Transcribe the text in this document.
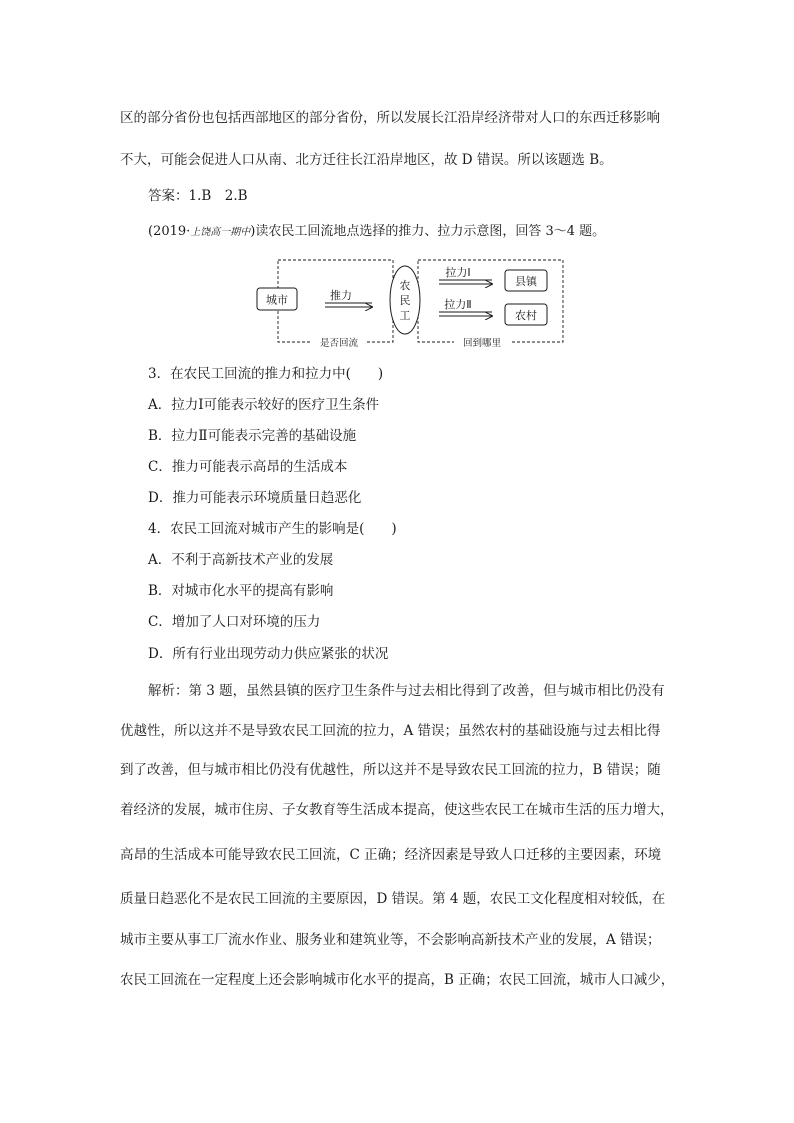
区的部分省份也包括西部地区的部分省份，所以发展长江沿岸经济带对人口的东西迁移影响
不大，可能会促进人口从南、北方迁往长江沿岸地区，故 D 错误。所以该题选 B。
答案：1.B　2.B
(2019·上饶高一期中)读农民工回流地点选择的推力、拉力示意图，回答 3～4 题。
城市	推力
农
民
工
拉力Ⅰ
拉力Ⅱ
县镇
农村
是否回流	回到哪里
3．在农民工回流的推力和拉力中(　　)
A．拉力Ⅰ可能表示较好的医疗卫生条件
B．拉力Ⅱ可能表示完善的基础设施
C．推力可能表示高昂的生活成本
D．推力可能表示环境质量日趋恶化
4．农民工回流对城市产生的影响是(　　)
A．不利于高新技术产业的发展
B．对城市化水平的提高有影响
C．增加了人口对环境的压力
D．所有行业出现劳动力供应紧张的状况
解析：第 3 题，虽然县镇的医疗卫生条件与过去相比得到了改善，但与城市相比仍没有
优越性，所以这并不是导致农民工回流的拉力，A 错误；虽然农村的基础设施与过去相比得
到了改善，但与城市相比仍没有优越性，所以这并不是导致农民工回流的拉力，B 错误；随
着经济的发展，城市住房、子女教育等生活成本提高，使这些农民工在城市生活的压力增大，
高昂的生活成本可能导致农民工回流，C 正确；经济因素是导致人口迁移的主要因素，环境
质量日趋恶化不是农民工回流的主要原因，D 错误。第 4 题，农民工文化程度相对较低，在
城市主要从事工厂流水作业、服务业和建筑业等，不会影响高新技术产业的发展，A 错误；
农民工回流在一定程度上还会影响城市化水平的提高，B 正确；农民工回流，城市人口减少，
